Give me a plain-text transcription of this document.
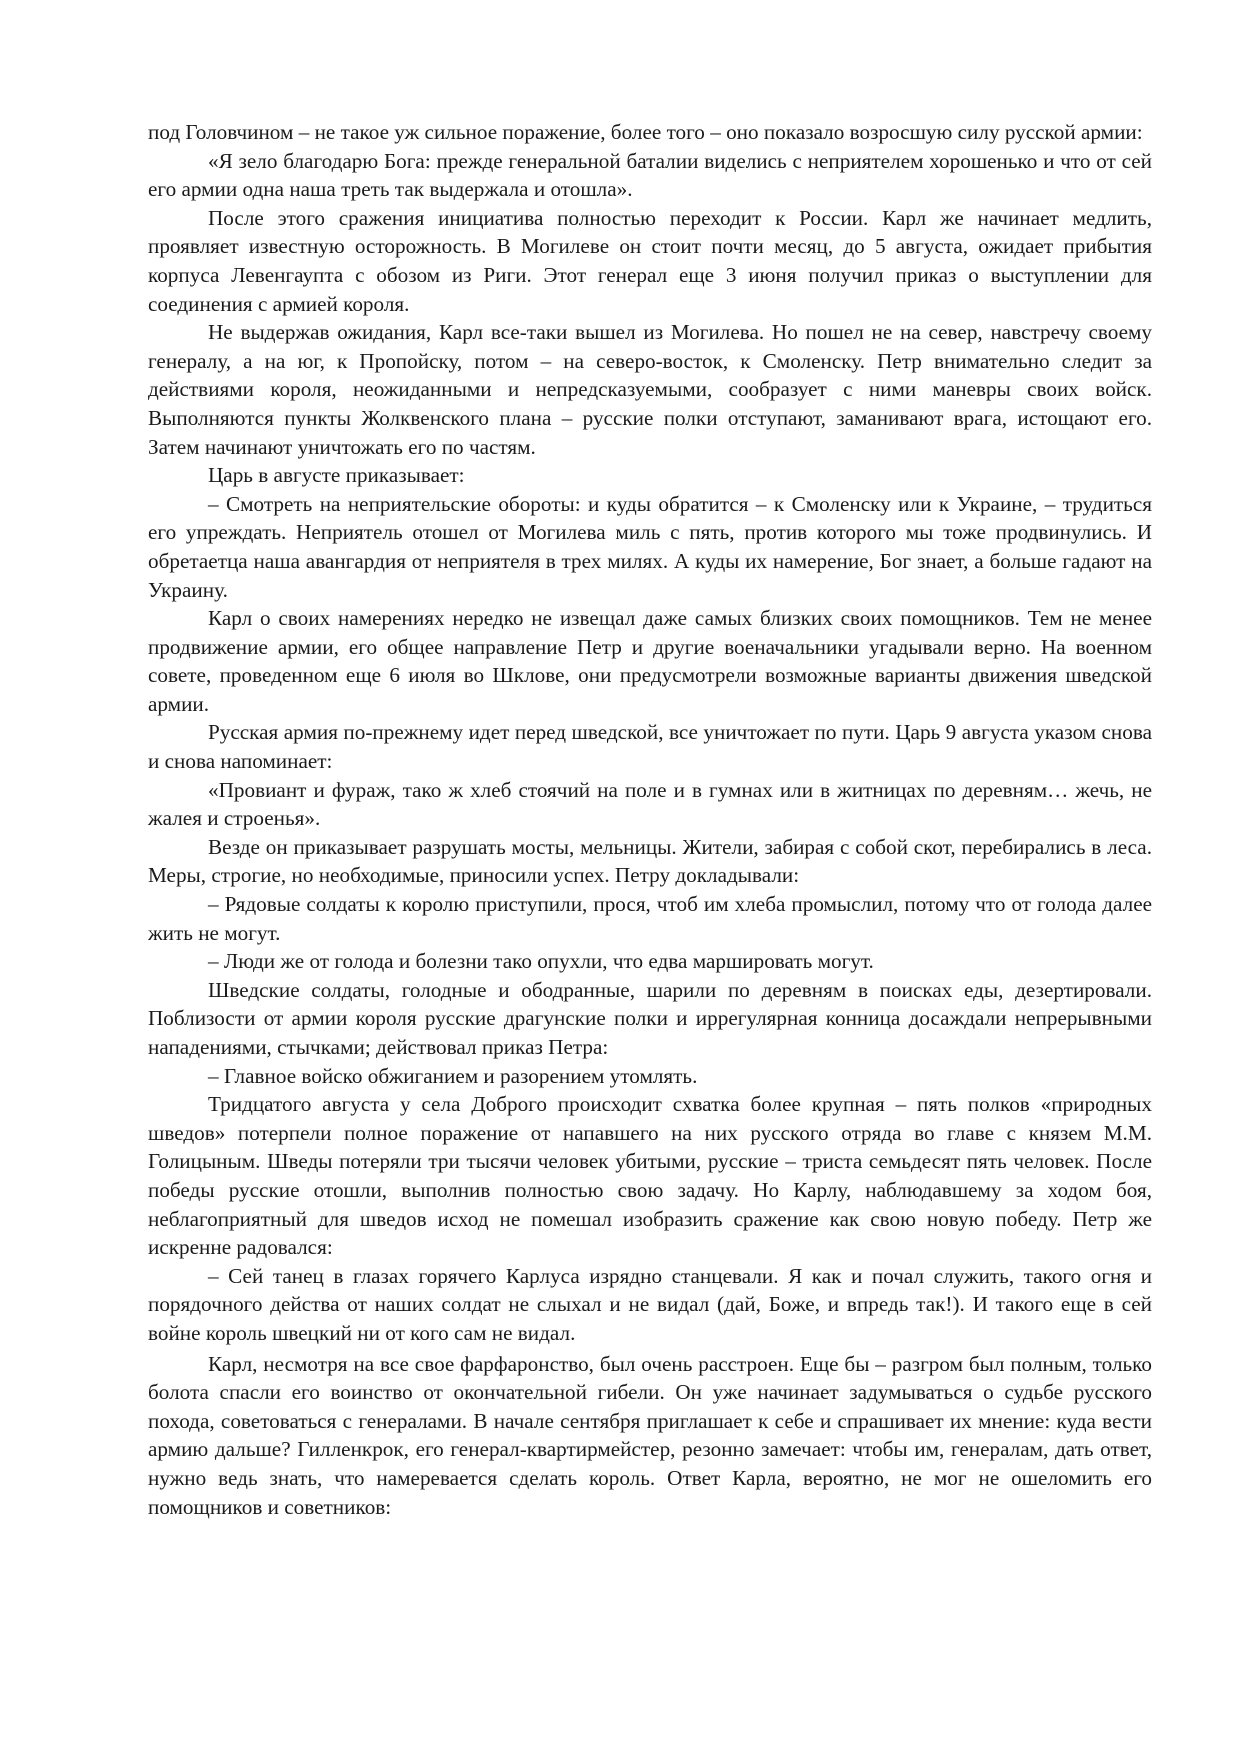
под Головчином – не такое уж сильное поражение, более того – оно показало возросшую силу русской армии:

«Я зело благодарю Бога: прежде генеральной баталии виделись с неприятелем хорошенько и что от сей его армии одна наша треть так выдержала и отошла».

После этого сражения инициатива полностью переходит к России. Карл же начинает медлить, проявляет известную осторожность. В Могилеве он стоит почти месяц, до 5 августа, ожидает прибытия корпуса Левенгаупта с обозом из Риги. Этот генерал еще 3 июня получил приказ о выступлении для соединения с армией короля.

Не выдержав ожидания, Карл все-таки вышел из Могилева. Но пошел не на север, навстречу своему генералу, а на юг, к Пропойску, потом – на северо-восток, к Смоленску. Петр внимательно следит за действиями короля, неожиданными и непредсказуемыми, сообразует с ними маневры своих войск. Выполняются пункты Жолквенского плана – русские полки отступают, заманивают врага, истощают его. Затем начинают уничтожать его по частям.

Царь в августе приказывает:

– Смотреть на неприятельские обороты: и куды обратится – к Смоленску или к Украине, – трудиться его упреждать. Неприятель отошел от Могилева миль с пять, против которого мы тоже продвинулись. И обретаетца наша авангардия от неприятеля в трех милях. А куды их намерение, Бог знает, а больше гадают на Украину.

Карл о своих намерениях нередко не извещал даже самых близких своих помощников. Тем не менее продвижение армии, его общее направление Петр и другие военачальники угадывали верно. На военном совете, проведенном еще 6 июля во Шклове, они предусмотрели возможные варианты движения шведской армии.

Русская армия по-прежнему идет перед шведской, все уничтожает по пути. Царь 9 августа указом снова и снова напоминает:

«Провиант и фураж, тако ж хлеб стоячий на поле и в гумнах или в житницах по деревням… жечь, не жалея и строенья».

Везде он приказывает разрушать мосты, мельницы. Жители, забирая с собой скот, перебирались в леса. Меры, строгие, но необходимые, приносили успех. Петру докладывали:

– Рядовые солдаты к королю приступили, прося, чтоб им хлеба промыслил, потому что от голода далее жить не могут.

– Люди же от голода и болезни тако опухли, что едва маршировать могут.

Шведские солдаты, голодные и ободранные, шарили по деревням в поисках еды, дезертировали. Поблизости от армии короля русские драгунские полки и иррегулярная конница досаждали непрерывными нападениями, стычками; действовал приказ Петра:

– Главное войско обжиганием и разорением утомлять.

Тридцатого августа у села Доброго происходит схватка более крупная – пять полков «природных шведов» потерпели полное поражение от напавшего на них русского отряда во главе с князем М.М. Голицыным. Шведы потеряли три тысячи человек убитыми, русские – триста семьдесят пять человек. После победы русские отошли, выполнив полностью свою задачу. Но Карлу, наблюдавшему за ходом боя, неблагоприятный для шведов исход не помешал изобразить сражение как свою новую победу. Петр же искренне радовался:

– Сей танец в глазах горячего Карлуса изрядно станцевали. Я как и почал служить, такого огня и порядочного действа от наших солдат не слыхал и не видал (дай, Боже, и впредь так!). И такого еще в сей войне король швецкий ни от кого сам не видал.

Карл, несмотря на все свое фарфаронство, был очень расстроен. Еще бы – разгром был полным, только болота спасли его воинство от окончательной гибели. Он уже начинает задумываться о судьбе русского похода, советоваться с генералами. В начале сентября приглашает к себе и спрашивает их мнение: куда вести армию дальше? Гилленкрок, его генерал-квартирмейстер, резонно замечает: чтобы им, генералам, дать ответ, нужно ведь знать, что намеревается сделать король. Ответ Карла, вероятно, не мог не ошеломить его помощников и советников:
